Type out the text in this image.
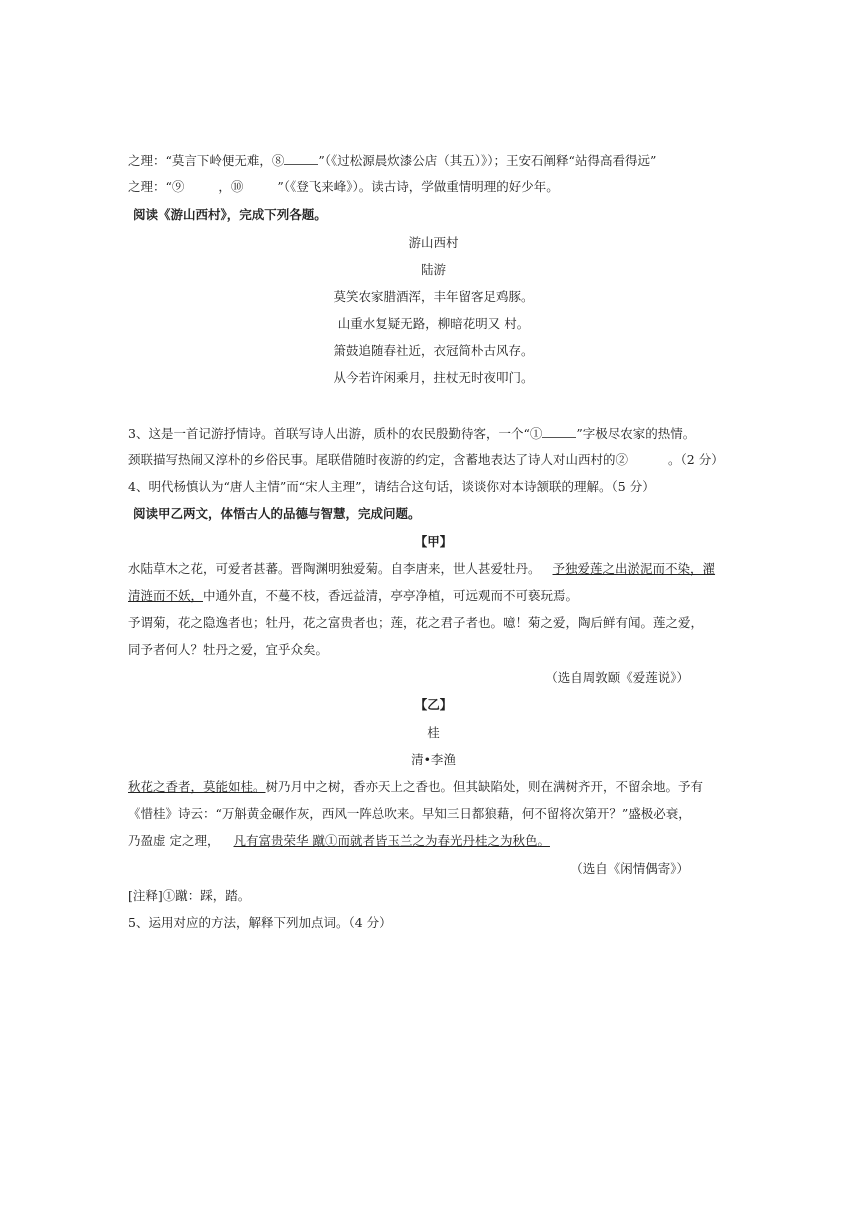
之理：“莫言下岭便无难，⑧	”（《过松源晨炊漆公店（其五）》）；王安石阐释“站得高看得远”
之理：“⑨	，⑩	”（《登飞来峰》）。读古诗，学做重情明理的好少年。
阅读《游山西村》，完成下列各题。
游山西村
陆游
莫笑农家腊酒浑，丰年留客足鸡豚。
山重水复疑无路，柳暗花明又 村。
箫鼓追随春社近，衣冠简朴古风存。
从今若许闲乘月，拄杖无时夜叩门。
3、这是一首记游抒情诗。首联写诗人出游，质朴的农民殷勤待客，一个“①	”字极尽农家的热情。
颈联描写热闹又淳朴的乡俗民事。尾联借随时夜游的约定，含蓄地表达了诗人对山西村的②	。（2 分）
4、明代杨慎认为“唐人主情”而“宋人主理”，请结合这句话，谈谈你对本诗颔联的理解。（5 分）
阅读甲乙两文，体悟古人的品德与智慧，完成问题。
【甲】
水陆草木之花，可爱者甚蕃。晋陶渊明独爱菊。自李唐来，世人甚爱牡丹。 予独爱莲之出淤泥而不染，濯
清涟而不妖，中通外直，不蔓不枝，香远益清，亭亭净植，可远观而不可亵玩焉。
予谓菊，花之隐逸者也；牡丹，花之富贵者也；莲，花之君子者也。噫！菊之爱，陶后鲜有闻。莲之爱，
同予者何人？牡丹之爱，宜乎众矣。
（选自周敦颐《爱莲说》）
【乙】
桂
清•李渔
秋花之香者，莫能如桂。树乃月中之树，香亦天上之香也。但其缺陷处，则在满树齐开，不留余地。予有
《惜桂》诗云：“万斛黄金碾作灰，西风一阵总吹来。早知三日都狼藉，何不留将次第开？”盛极必衰，
乃盈虚 定之理， 凡有富贵荣华 蹴①而就者皆玉兰之为春光丹桂之为秋色。
（选自《闲情偶寄》）
[注释]①蹴：踩，踏。
5、运用对应的方法，解释下列加点词。（4 分）
